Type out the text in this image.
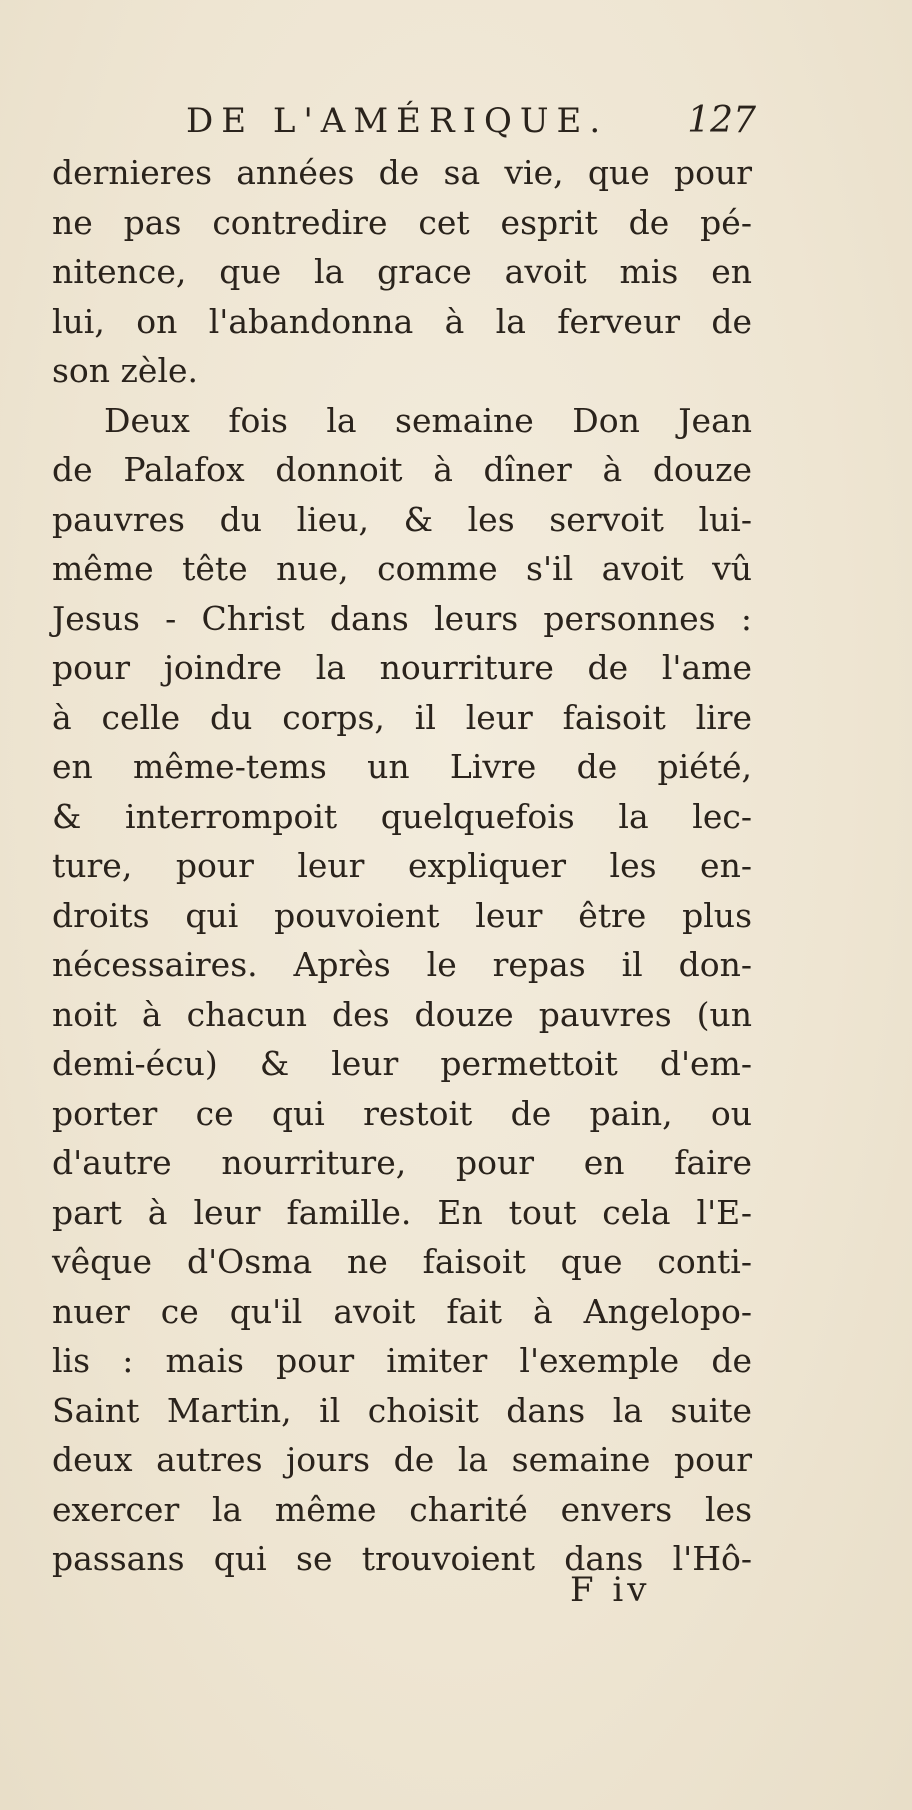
DE L'AMÉRIQUE. 127
dernieres années de sa vie, que pour
ne pas contredire cet esprit de pé-
nitence, que la grace avoit mis en
lui, on l'abandonna à la ferveur de
son zèle.
Deux fois la semaine Don Jean
de Palafox donnoit à dîner à douze
pauvres du lieu, & les servoit lui-
même tête nue, comme s'il avoit vû
Jesus - Christ dans leurs personnes :
pour joindre la nourriture de l'ame
à celle du corps, il leur faisoit lire
en même-tems un Livre de piété,
& interrompoit quelquefois la lec-
ture, pour leur expliquer les en-
droits qui pouvoient leur être plus
nécessaires. Après le repas il don-
noit à chacun des douze pauvres (un
demi-écu) & leur permettoit d'em-
porter ce qui restoit de pain, ou
d'autre nourriture, pour en faire
part à leur famille. En tout cela l'E-
vêque d'Osma ne faisoit que conti-
nuer ce qu'il avoit fait à Angelopo-
lis : mais pour imiter l'exemple de
Saint Martin, il choisit dans la suite
deux autres jours de la semaine pour
exercer la même charité envers les
passans qui se trouvoient dans l'Hô-
F iv
